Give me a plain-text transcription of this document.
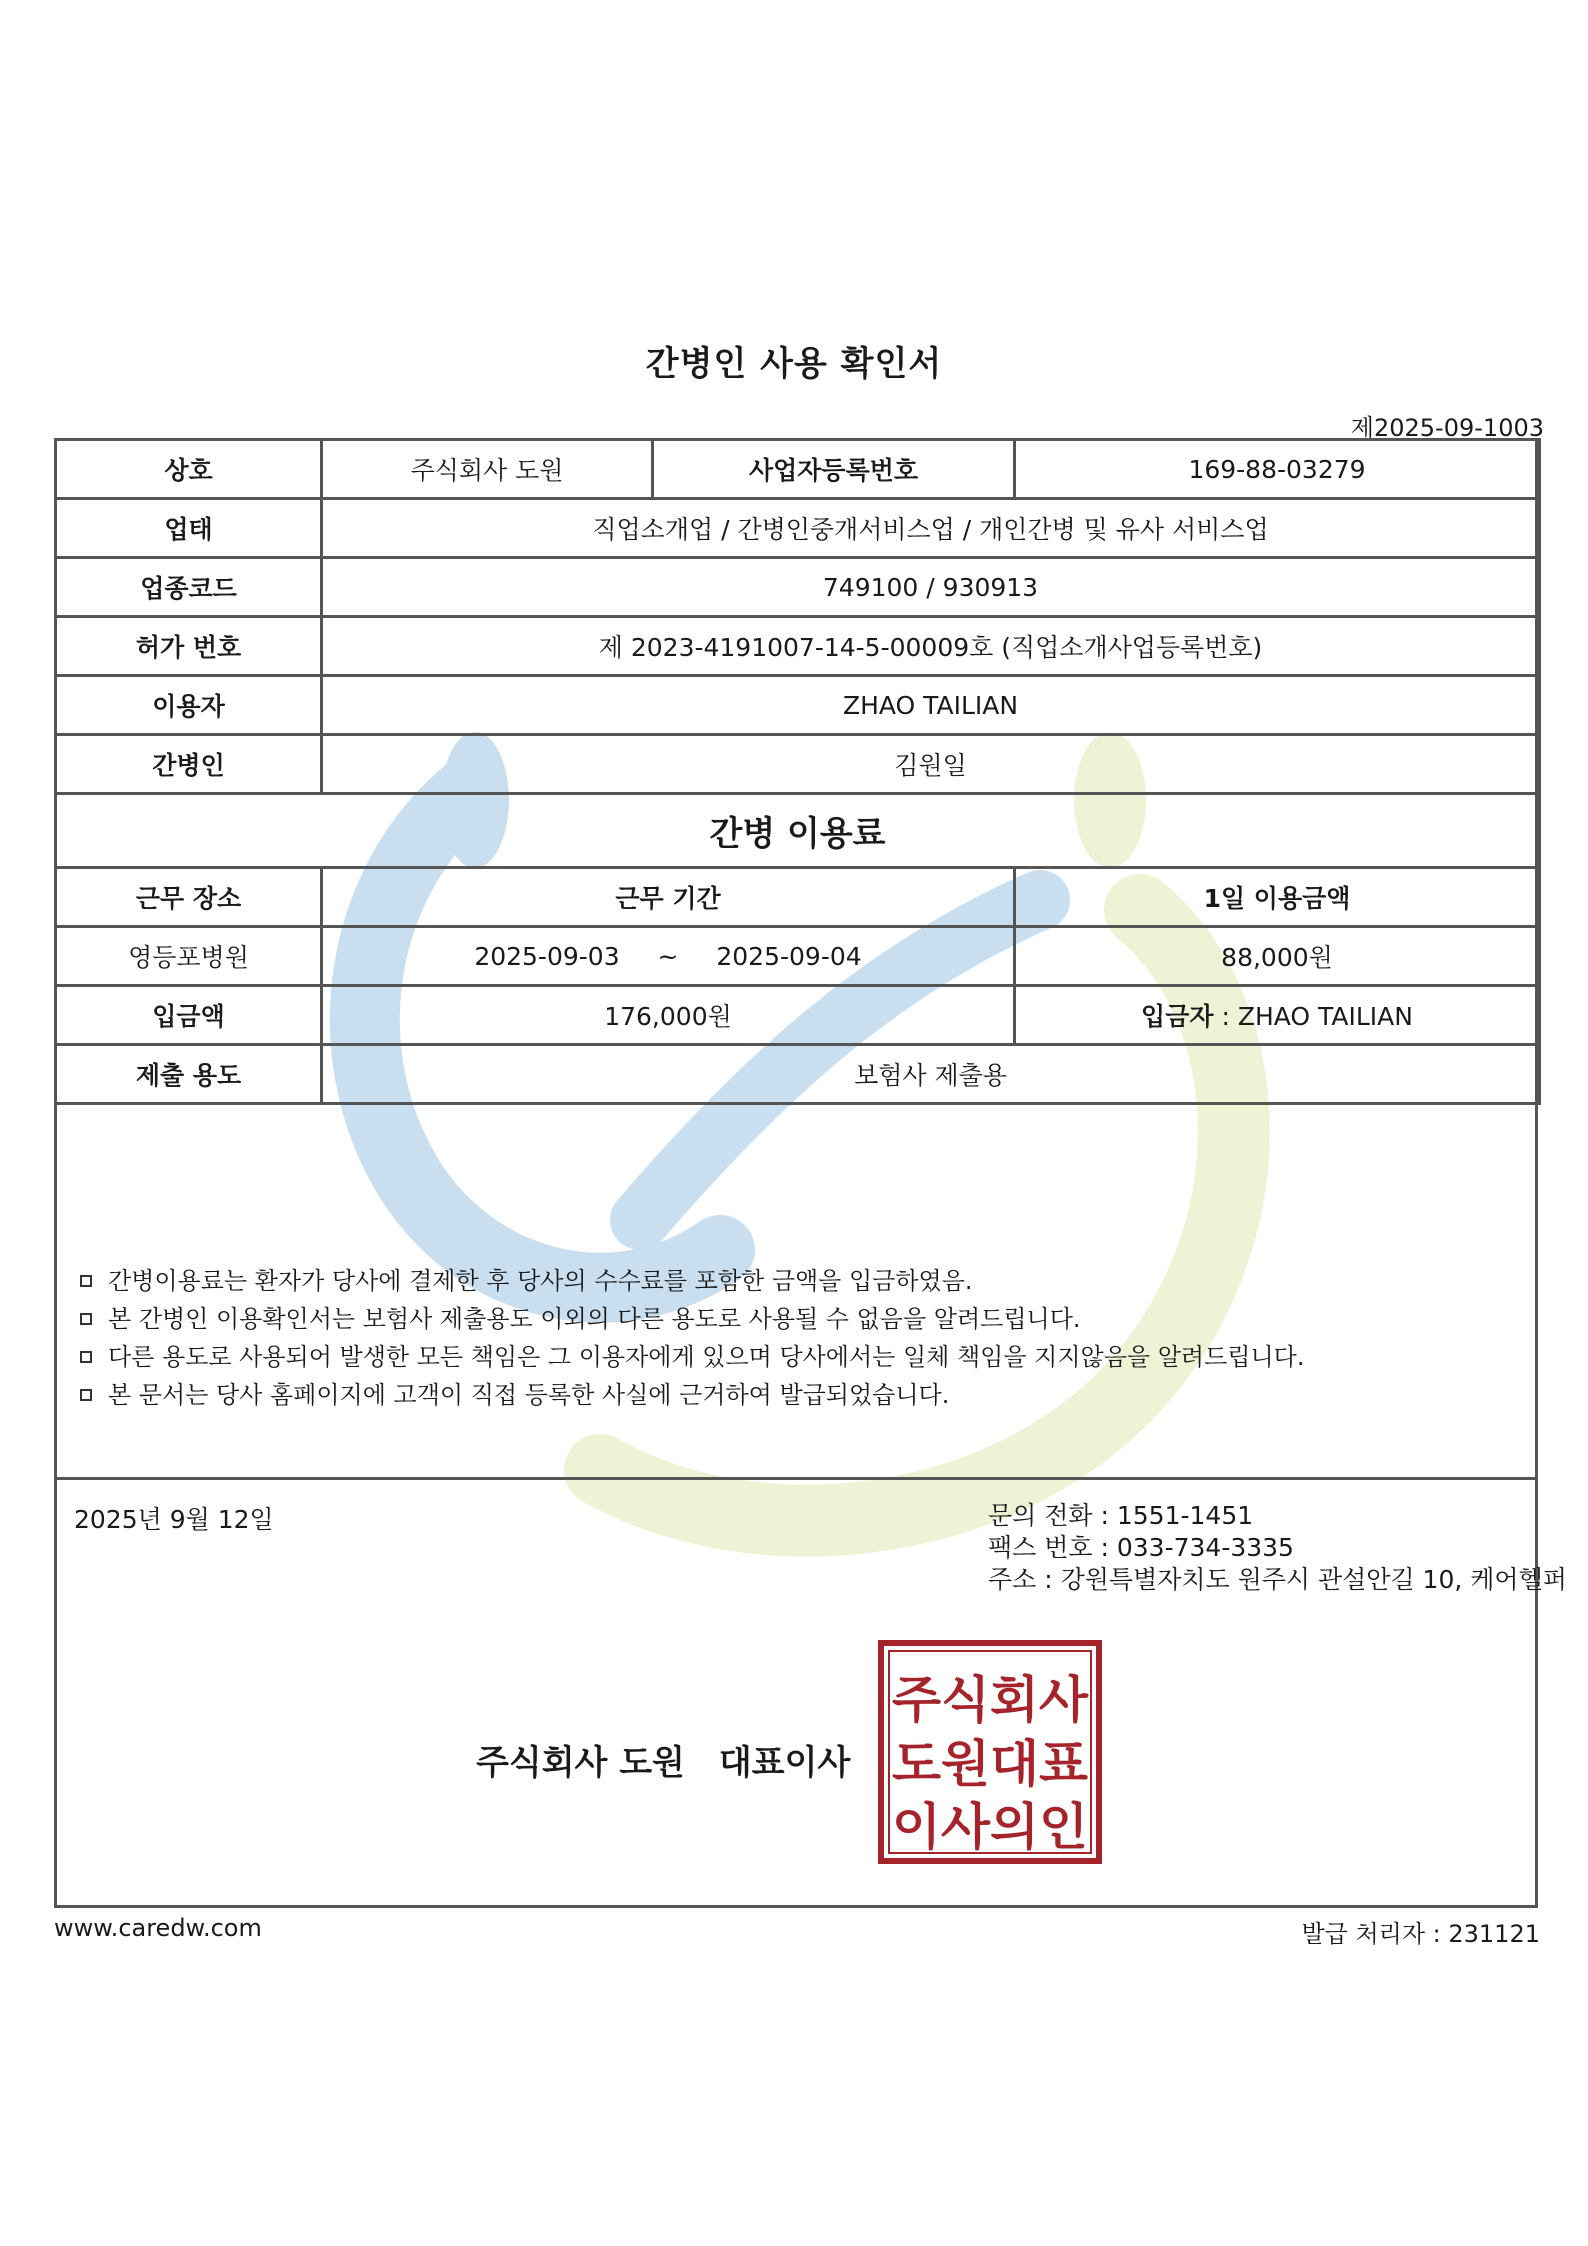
간병인 사용 확인서
제2025-09-1003
상호	주식회사 도원	사업자등록번호	169-88-03279
업태	직업소개업 / 간병인중개서비스업 / 개인간병 및 유사 서비스업		
업종코드	749100 / 930913		
허가 번호	제 2023-4191007-14-5-00009호 (직업소개사업등록번호)		
이용자	ZHAO TAILIAN		
간병인	김원일		
간병 이용료			
근무 장소	근무 기간		1일 이용금액
영등포병원	2025-09-03 ~ 2025-09-04		88,000원
입금액	176,000원		입금자 : ZHAO TAILIAN
제출 용도	보험사 제출용		
간병이용료는 환자가 당사에 결제한 후 당사의 수수료를 포함한 금액을 입금하였음.
본 간병인 이용확인서는 보험사 제출용도 이외의 다른 용도로 사용될 수 없음을 알려드립니다.
다른 용도로 사용되어 발생한 모든 책임은 그 이용자에게 있으며 당사에서는 일체 책임을 지지않음을 알려드립니다.
본 문서는 당사 홈페이지에 고객이 직접 등록한 사실에 근거하여 발급되었습니다.
2025년 9월 12일	문의 전화 : 1551-1451
팩스 번호 : 033-734-3335
주소 : 강원특별자치도 원주시 관설안길 10, 케어헬퍼
주식회사 도원 대표이사
주식회사
도원대표
이사의인
www.caredw.com	발급 처리자 : 231121
